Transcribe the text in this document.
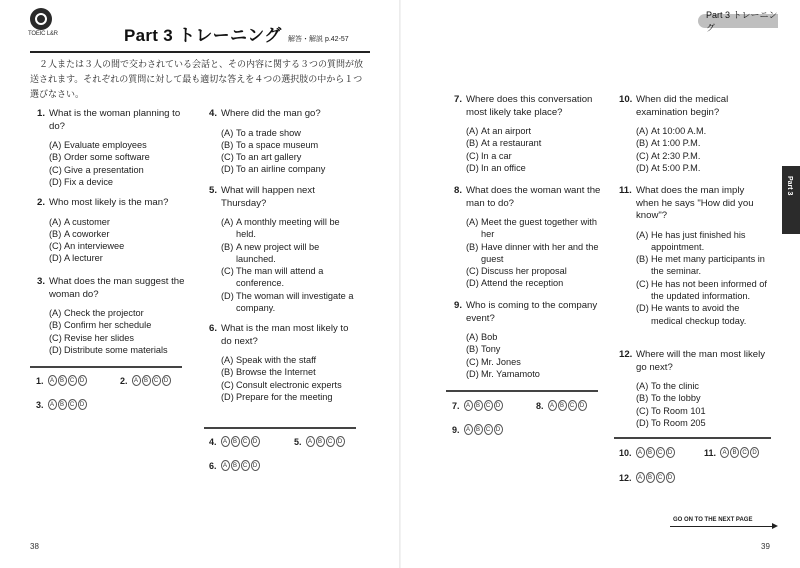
TOEIC L&R	Part 3 トレーニング 解答・解説 p.42-57
２人または３人の間で交わされている会話と、その内容に関する３つの質問が放送されます。それぞれの質問に対して最も適切な答えを４つの選択肢の中から１つ選びなさい。
1. What is the woman planning to do?
(A) Evaluate employees
(B) Order some software
(C) Give a presentation
(D) Fix a device
2. Who most likely is the man?
(A) A customer
(B) A coworker
(C) An interviewee
(D) A lecturer
3. What does the man suggest the woman do?
(A) Check the projector
(B) Confirm her schedule
(C) Revise her slides
(D) Distribute some materials
4. Where did the man go?
(A) To a trade show
(B) To a space museum
(C) To an art gallery
(D) To an airline company
5. What will happen next Thursday?
(A) A monthly meeting will be held.
(B) A new project will be launched.
(C) The man will attend a conference.
(D) The woman will investigate a company.
6. What is the man most likely to do next?
(A) Speak with the staff
(B) Browse the Internet
(C) Consult electronic experts
(D) Prepare for the meeting
1.	A B C D	2.	A B C D
3.	A B C D
4.	A B C D	5.	A B C D
6.	A B C D
38
Part 3 トレーニング
Part 3
7. Where does this conversation most likely take place?
(A) At an airport
(B) At a restaurant
(C) In a car
(D) In an office
8. What does the woman want the man to do?
(A) Meet the guest together with her
(B) Have dinner with her and the guest
(C) Discuss her proposal
(D) Attend the reception
9. Who is coming to the company event?
(A) Bob
(B) Tony
(C) Mr. Jones
(D) Mr. Yamamoto
10. When did the medical examination begin?
(A) At 10:00 A.M.
(B) At 1:00 P.M.
(C) At 2:30 P.M.
(D) At 5:00 P.M.
11. What does the man imply when he says "How did you know"?
(A) He has just finished his appointment.
(B) He met many participants in the seminar.
(C) He has not been informed of the updated information.
(D) He wants to avoid the medical checkup today.
12. Where will the man most likely go next?
(A) To the clinic
(B) To the lobby
(C) To Room 101
(D) To Room 205
7.	A B C D	8.	A B C D
9.	A B C D
10.	A B C D	11.	A B C D
12.	A B C D
GO ON TO THE NEXT PAGE
39
